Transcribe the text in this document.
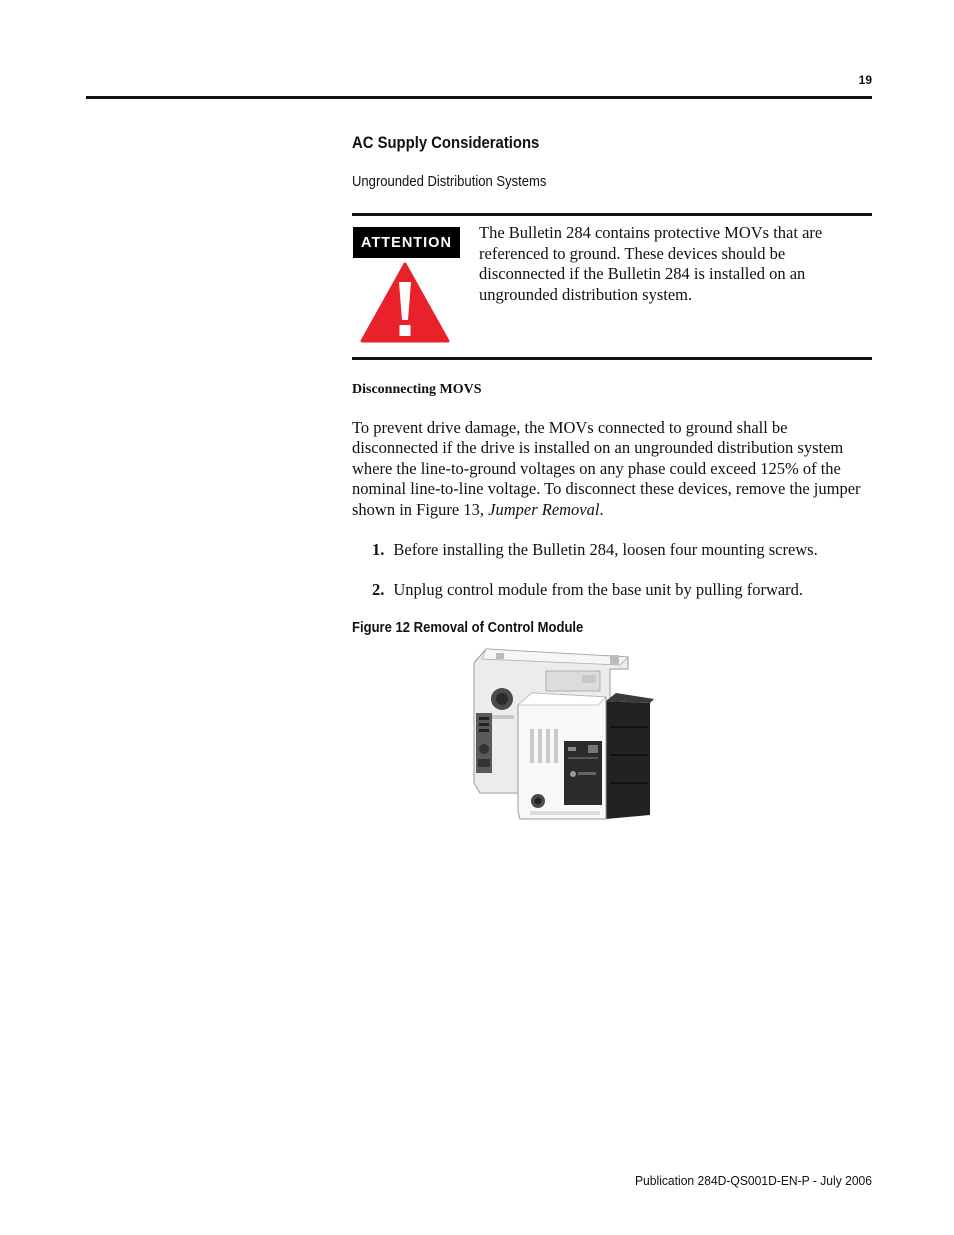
19
AC Supply Considerations
Ungrounded Distribution Systems
ATTENTION
The Bulletin 284 contains protective MOVs that are referenced to ground. These devices should be disconnected if the Bulletin 284 is installed on an ungrounded distribution system.
Disconnecting MOVS

To prevent drive damage, the MOVs connected to ground shall be disconnected if the drive is installed on an ungrounded distribution system where the line-to-ground voltages on any phase could exceed 125% of the nominal line-to-line voltage. To disconnect these devices, remove the jumper shown in Figure 13, Jumper Removal.

1. Before installing the Bulletin 284, loosen four mounting screws.
2. Unplug control module from the base unit by pulling forward.
Figure 12 Removal of Control Module
Publication 284D-QS001D-EN-P - July 2006
